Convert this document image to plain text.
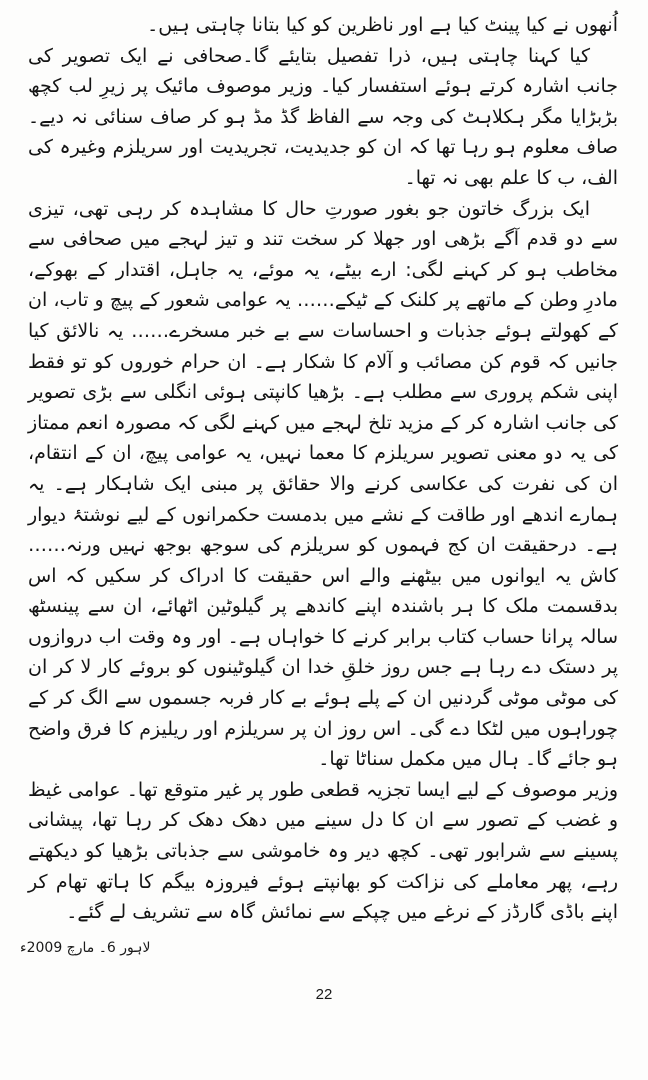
اُنھوں نے کیا پینٹ کیا ہے اور ناظرین کو کیا بتانا چاہتی ہیں۔

کیا کہنا چاہتی ہیں، ذرا تفصیل بتایئے گا۔صحافی نے ایک تصویر کی جانب اشارہ کرتے ہوئے استفسار کیا۔ وزیر موصوف مائیک پر زیرِ لب کچھ بڑبڑایا مگر ہکلاہٹ کی وجہ سے الفاظ گڈ مڈ ہو کر صاف سنائی نہ دیے۔ صاف معلوم ہو رہا تھا کہ ان کو جدیدیت، تجریدیت اور سریلزم وغیرہ کی الف، ب کا علم بھی نہ تھا۔

ایک بزرگ خاتون جو بغور صورتِ حال کا مشاہدہ کر رہی تھی، تیزی سے دو قدم آگے بڑھی اور جھلا کر سخت تند و تیز لہجے میں صحافی سے مخاطب ہو کر کہنے لگی: ارے بیٹے، یہ موئے، یہ جاہل، اقتدار کے بھوکے، مادرِ وطن کے ماتھے پر کلنک کے ٹیکے…… یہ عوامی شعور کے پیچ و تاب، ان کے کھولتے ہوئے جذبات و احساسات سے بے خبر مسخرے…… یہ نالائق کیا جانیں کہ قوم کن مصائب و آلام کا شکار ہے۔ ان حرام خوروں کو تو فقط اپنی شکم پروری سے مطلب ہے۔ بڑھیا کانپتی ہوئی انگلی سے بڑی تصویر کی جانب اشارہ کر کے مزید تلخ لہجے میں کہنے لگی کہ مصورہ انعم ممتاز کی یہ دو معنی تصویر سریلزم کا معما نہیں، یہ عوامی پیچ، ان کے انتقام، ان کی نفرت کی عکاسی کرنے والا حقائق پر مبنی ایک شاہکار ہے۔ یہ ہمارے اندھے اور طاقت کے نشے میں بدمست حکمرانوں کے لیے نوشتۂ دیوار ہے۔ درحقیقت ان کج فہموں کو سریلزم کی سوجھ بوجھ نہیں ورنہ…… کاش یہ ایوانوں میں بیٹھنے والے اس حقیقت کا ادراک کر سکیں کہ اس بدقسمت ملک کا ہر باشندہ اپنے کاندھے پر گیلوٹین اٹھائے، ان سے پینسٹھ سالہ پرانا حساب کتاب برابر کرنے کا خواہاں ہے۔ اور وہ وقت اب دروازوں پر دستک دے رہا ہے جس روز خلقِ خدا ان گیلوٹینوں کو بروئے کار لا کر ان کی موٹی موٹی گردنیں ان کے پلے ہوئے بے کار فربہ جسموں سے الگ کر کے چوراہوں میں لٹکا دے گی۔ اس روز ان پر سریلزم اور ریلیزم کا فرق واضح ہو جائے گا۔ ہال میں مکمل سناٹا تھا۔

وزیر موصوف کے لیے ایسا تجزیہ قطعی طور پر غیر متوقع تھا۔ عوامی غیظ و غضب کے تصور سے ان کا دل سینے میں دھک دھک کر رہا تھا، پیشانی پسینے سے شرابور تھی۔ کچھ دیر وہ خاموشی سے جذباتی بڑھیا کو دیکھتے رہے، پھر معاملے کی نزاکت کو بھانپتے ہوئے فیروزہ بیگم کا ہاتھ تھام کر اپنے باڈی گارڈز کے نرغے میں چپکے سے نمائش گاہ سے تشریف لے گئے۔

لاہور 6۔ مارچ 2009ء
22
